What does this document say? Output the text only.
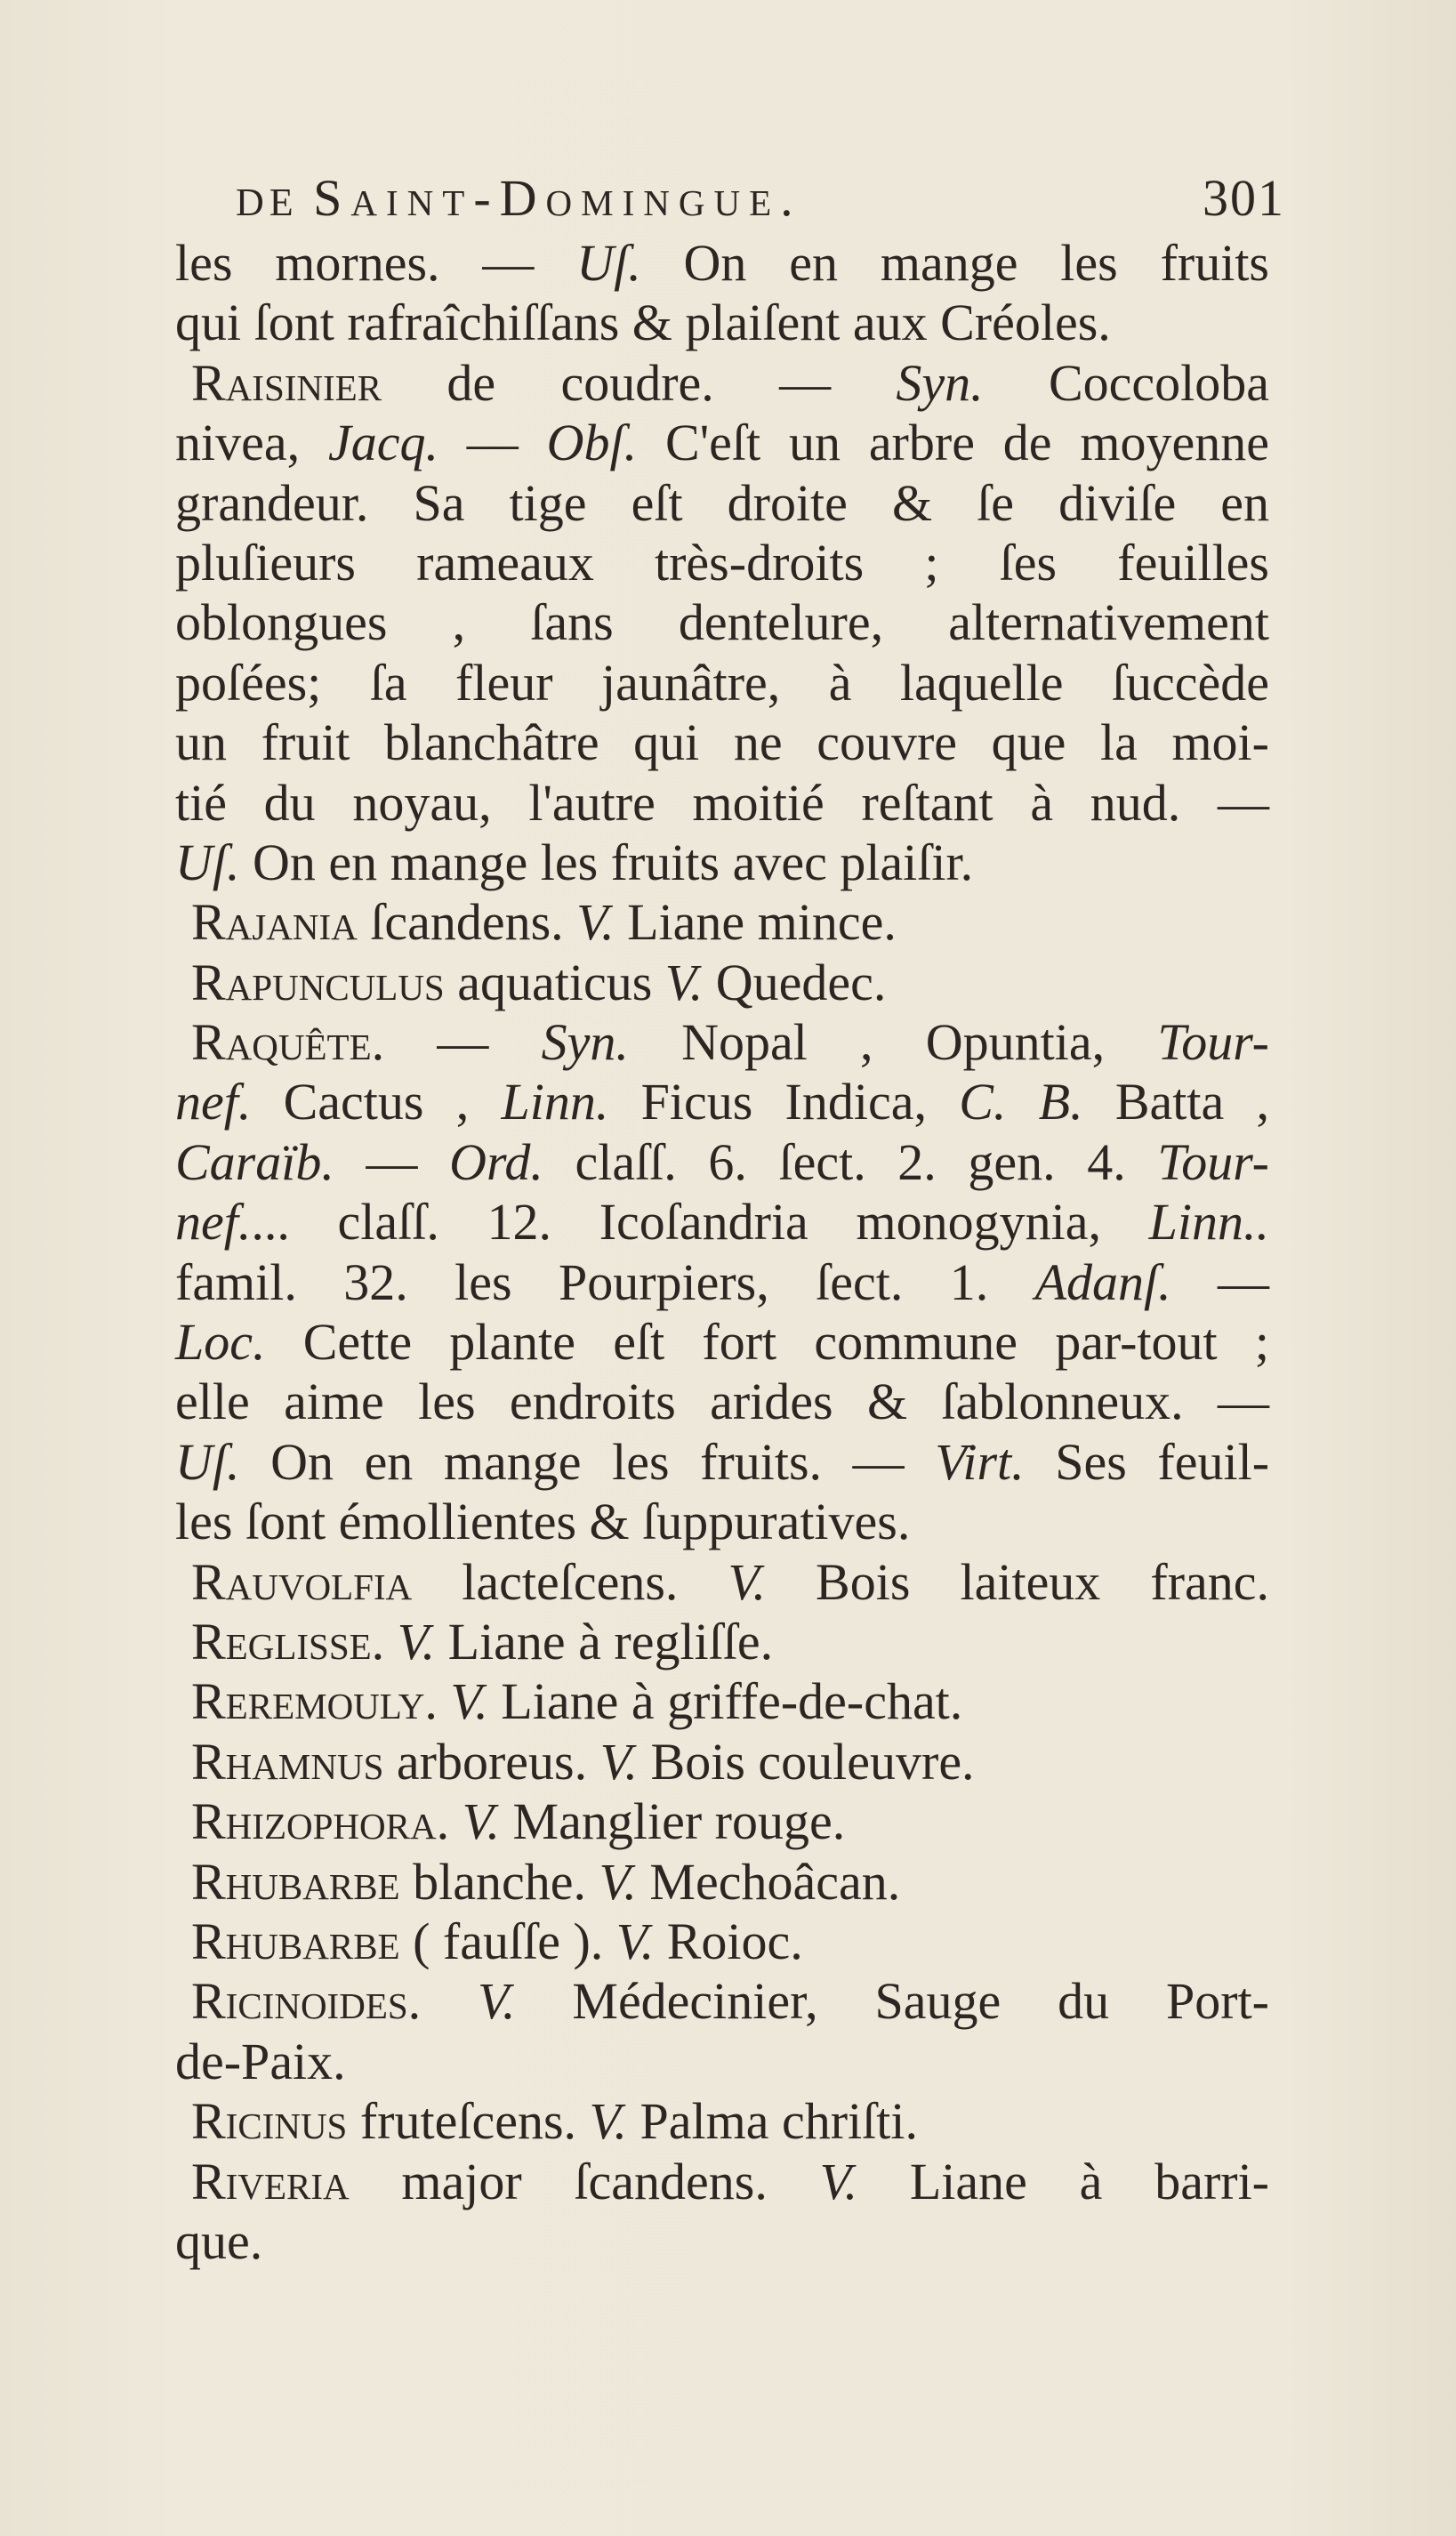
DE Saint-Domingue.	301
les mornes. — Uſ. On en mange les fruits
qui ſont rafraîchiſſans & plaiſent aux Créoles.
Raisinier de coudre. — Syn. Coccoloba
nivea, Jacq. — Obſ. C'eſt un arbre de moyenne
grandeur. Sa tige eſt droite & ſe diviſe en
pluſieurs rameaux très-droits ; ſes feuilles
oblongues , ſans dentelure, alternativement
poſées; ſa fleur jaunâtre, à laquelle ſuccède
un fruit blanchâtre qui ne couvre que la moi-
tié du noyau, l'autre moitié reſtant à nud. —
Uſ. On en mange les fruits avec plaiſir.
Rajania ſcandens. V. Liane mince.
Rapunculus aquaticus V. Quedec.
Raquête. — Syn. Nopal , Opuntia, Tour-
nef. Cactus , Linn. Ficus Indica, C. B. Batta ,
Caraïb. — Ord. claſſ. 6. ſect. 2. gen. 4. Tour-
nef.... claſſ. 12. Icoſandria monogynia, Linn..
famil. 32. les Pourpiers, ſect. 1. Adanſ. —
Loc. Cette plante eſt fort commune par-tout ;
elle aime les endroits arides & ſablonneux. —
Uſ. On en mange les fruits. — Virt. Ses feuil-
les ſont émollientes & ſuppuratives.
Rauvolfia lacteſcens. V. Bois laiteux franc.
Reglisse. V. Liane à regliſſe.
Reremouly. V. Liane à griffe-de-chat.
Rhamnus arboreus. V. Bois couleuvre.
Rhizophora. V. Manglier rouge.
Rhubarbe blanche. V. Mechoâcan.
Rhubarbe ( fauſſe ). V. Roioc.
Ricinoides. V. Médecinier, Sauge du Port-
de-Paix.
Ricinus fruteſcens. V. Palma chriſti.
Riveria major ſcandens. V. Liane à barri-
que.
